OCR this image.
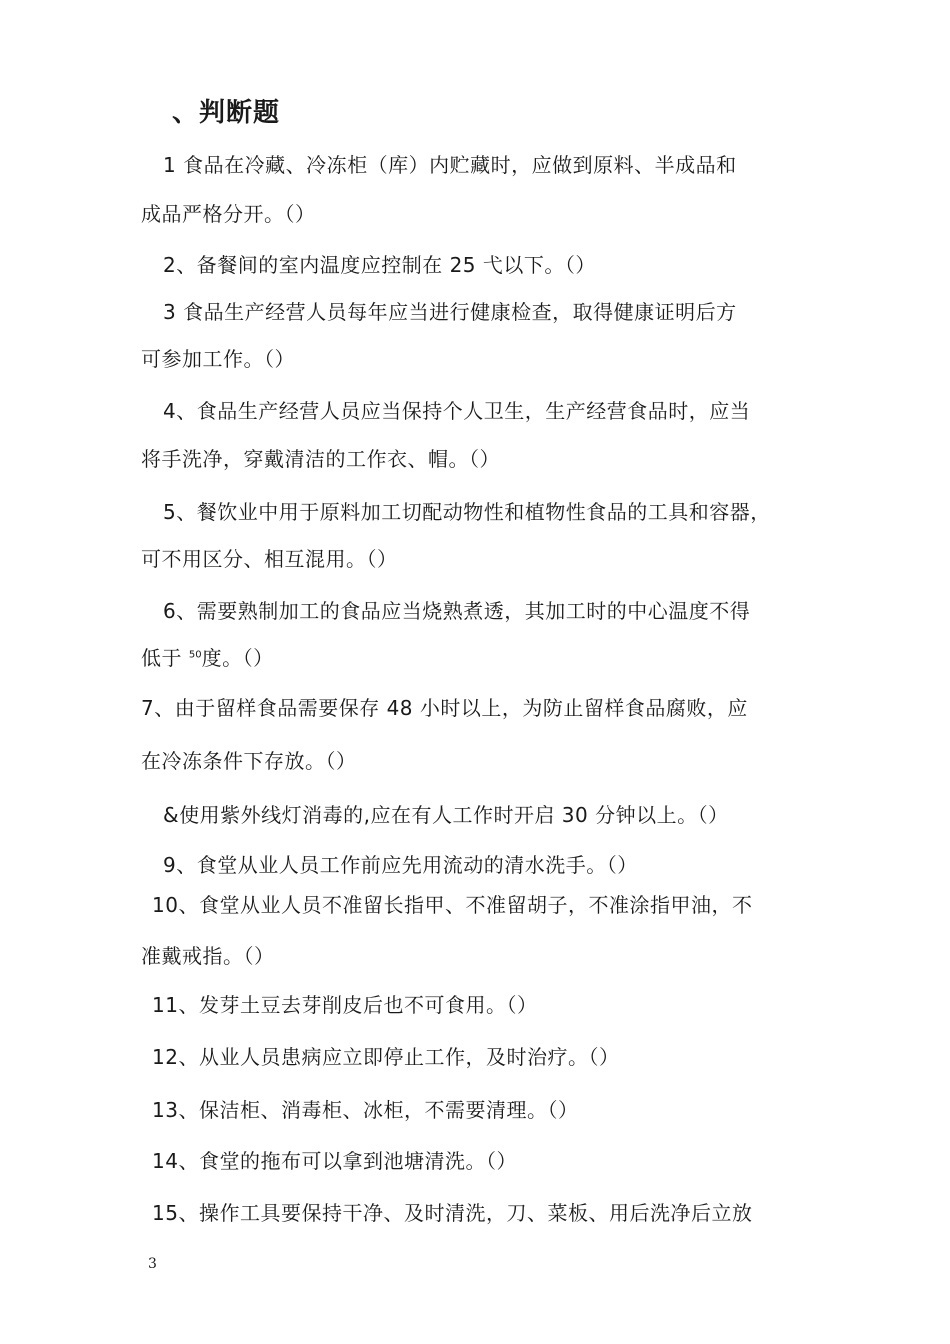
、判断题
1 食品在冷藏、冷冻柜（库）内贮藏时，应做到原料、半成品和
成品严格分开。（）
2、备餐间的室内温度应控制在 25 弋以下。（）
3 食品生产经营人员每年应当进行健康检查，取得健康证明后方
可参加工作。（）
4、食品生产经营人员应当保持个人卫生，生产经营食品时，应当
将手洗净，穿戴清洁的工作衣、帽。（）
5、餐饮业中用于原料加工切配动物性和植物性食品的工具和容器，
可不用区分、相互混用。（）
6、需要熟制加工的食品应当烧熟煮透，其加工时的中心温度不得
低于 $^{50}$度。（）
7、由于留样食品需要保存 48 小时以上，为防止留样食品腐败，应
在冷冻条件下存放。（）
&使用紫外线灯消毒的,应在有人工作时开启 30 分钟以上。（）
9、食堂从业人员工作前应先用流动的清水洗手。（）
10、食堂从业人员不准留长指甲、不准留胡子，不准涂指甲油，不
准戴戒指。（）
11、发芽土豆去芽削皮后也不可食用。（）
12、从业人员患病应立即停止工作，及时治疗。（）
13、保洁柜、消毒柜、冰柜，不需要清理。（）
14、食堂的拖布可以拿到池塘清洗。（）
15、操作工具要保持干净、及时清洗，刀、菜板、用后洗净后立放
3
